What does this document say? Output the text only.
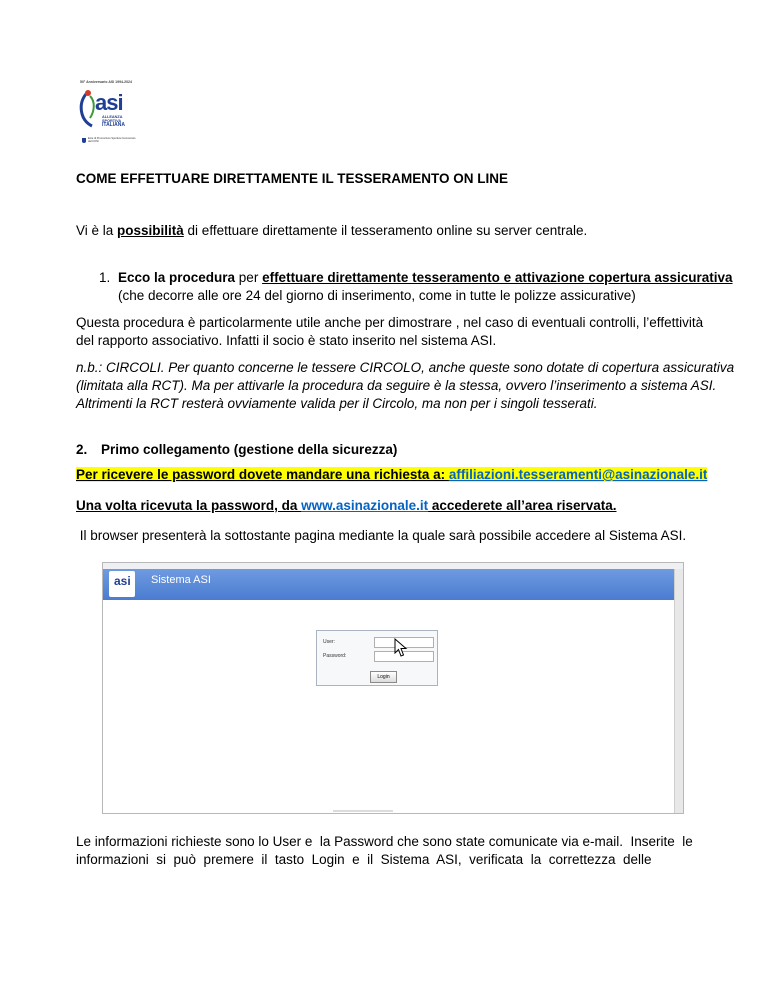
50° Anniversario ASI 1994-2024
asi
ALLEANZA
SPORTIVA
ITALIANA
Ente di Promozione Sportiva riconosciuto dal CONI
COME EFFETTUARE DIRETTAMENTE IL TESSERAMENTO ON LINE
Vi è la possibilità di effettuare direttamente il tesseramento online su server centrale.
1. Ecco la procedura per effettuare direttamente tesseramento e attivazione copertura assicurativa
(che decorre alle ore 24 del giorno di inserimento, come in tutte le polizze assicurative)
Questa procedura è particolarmente utile anche per dimostrare , nel caso di eventuali controlli, l’effettività
del rapporto associativo. Infatti il socio è stato inserito nel sistema ASI.
n.b.: CIRCOLI. Per quanto concerne le tessere CIRCOLO, anche queste sono dotate di copertura assicurativa
(limitata alla RCT). Ma per attivarle la procedura da seguire è la stessa, ovvero l’inserimento a sistema ASI.
Altrimenti la RCT resterà ovviamente valida per il Circolo, ma non per i singoli tesserati.
2. Primo collegamento (gestione della sicurezza)
Per ricevere le password dovete mandare una richiesta a: affiliazioni.tesseramenti@asinazionale.it
Una volta ricevuta la password, da www.asinazionale.it accederete all’area riservata.
Il browser presenterà la sottostante pagina mediante la quale sarà possibile accedere al Sistema ASI.
asi Sistema ASI
User:
Password:
Login
Le informazioni richieste sono lo User e  la Password che sono state comunicate via e-mail.  Inserite  le
informazioni  si  può  premere  il  tasto  Login  e  il  Sistema  ASI,  verificata  la  correttezza  delle
